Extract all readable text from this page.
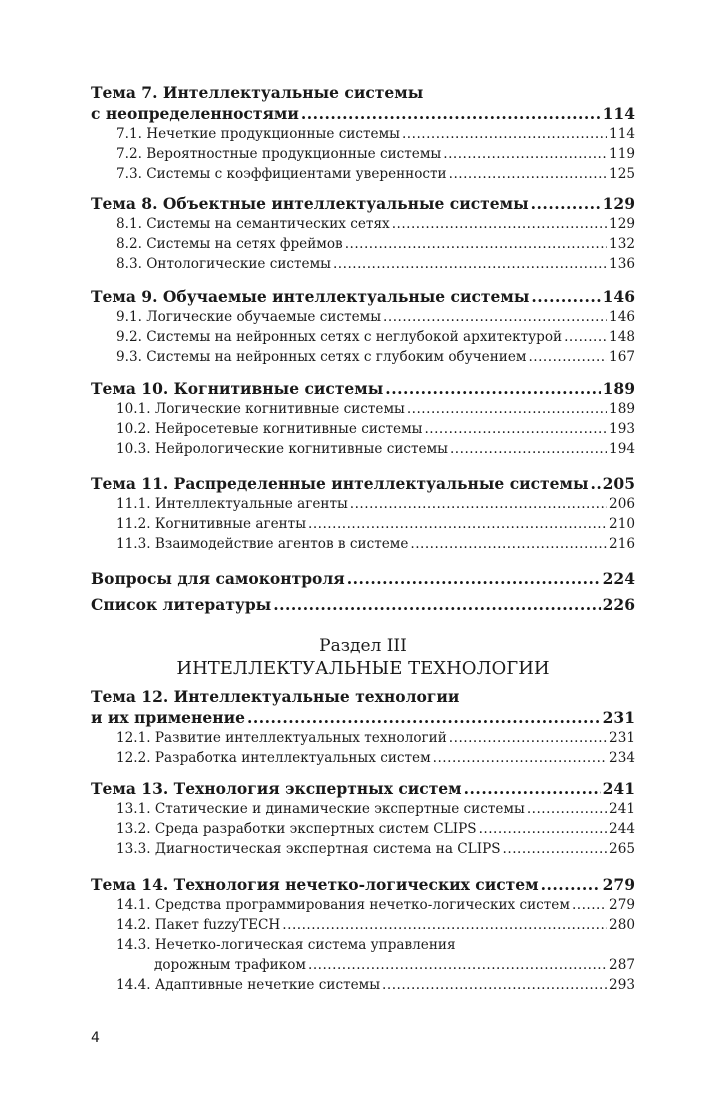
Тема 7. Интеллектуальные системы
с неопределенностями .....	114
7.1. Нечеткие продукционные системы .....	114
7.2. Вероятностные продукционные системы .....	119
7.3. Системы с коэффициентами уверенности .....	125
Тема 8. Объектные интеллектуальные системы .....	129
8.1. Системы на семантических сетях .....	129
8.2. Системы на сетях фреймов .....	132
8.3. Онтологические системы .....	136
Тема 9. Обучаемые интеллектуальные системы .....	146
9.1. Логические обучаемые системы .....	146
9.2. Системы на нейронных сетях с неглубокой архитектурой .....	148
9.3. Системы на нейронных сетях с глубоким обучением .....	167
Тема 10. Когнитивные системы .....	189
10.1. Логические когнитивные системы .....	189
10.2. Нейросетевые когнитивные системы .....	193
10.3. Нейрологические когнитивные системы .....	194
Тема 11. Распределенные интеллектуальные системы ..... 205
11.1. Интеллектуальные агенты .....	206
11.2. Когнитивные агенты .....	210
11.3. Взаимодействие агентов в системе .....	216
Вопросы для самоконтроля .....	224
Список литературы .....	226
Раздел III
ИНТЕЛЛЕКТУАЛЬНЫЕ ТЕХНОЛОГИИ
Тема 12. Интеллектуальные технологии
и их применение .....	231
12.1. Развитие интеллектуальных технологий .....	231
12.2. Разработка интеллектуальных систем .....	234
Тема 13. Технология экспертных систем .....	241
13.1. Статические и динамические экспертные системы .....	241
13.2. Среда разработки экспертных систем CLIPS .....	244
13.3. Диагностическая экспертная система на CLIPS .....	265
Тема 14. Технология нечетко-логических систем .....	279
14.1. Средства программирования нечетко-логических систем .....	279
14.2. Пакет fuzzyTECH .....	280
14.3. Нечетко-логическая система управления
дорожным трафиком .....	287
14.4. Адаптивные нечеткие системы .....	293
4
